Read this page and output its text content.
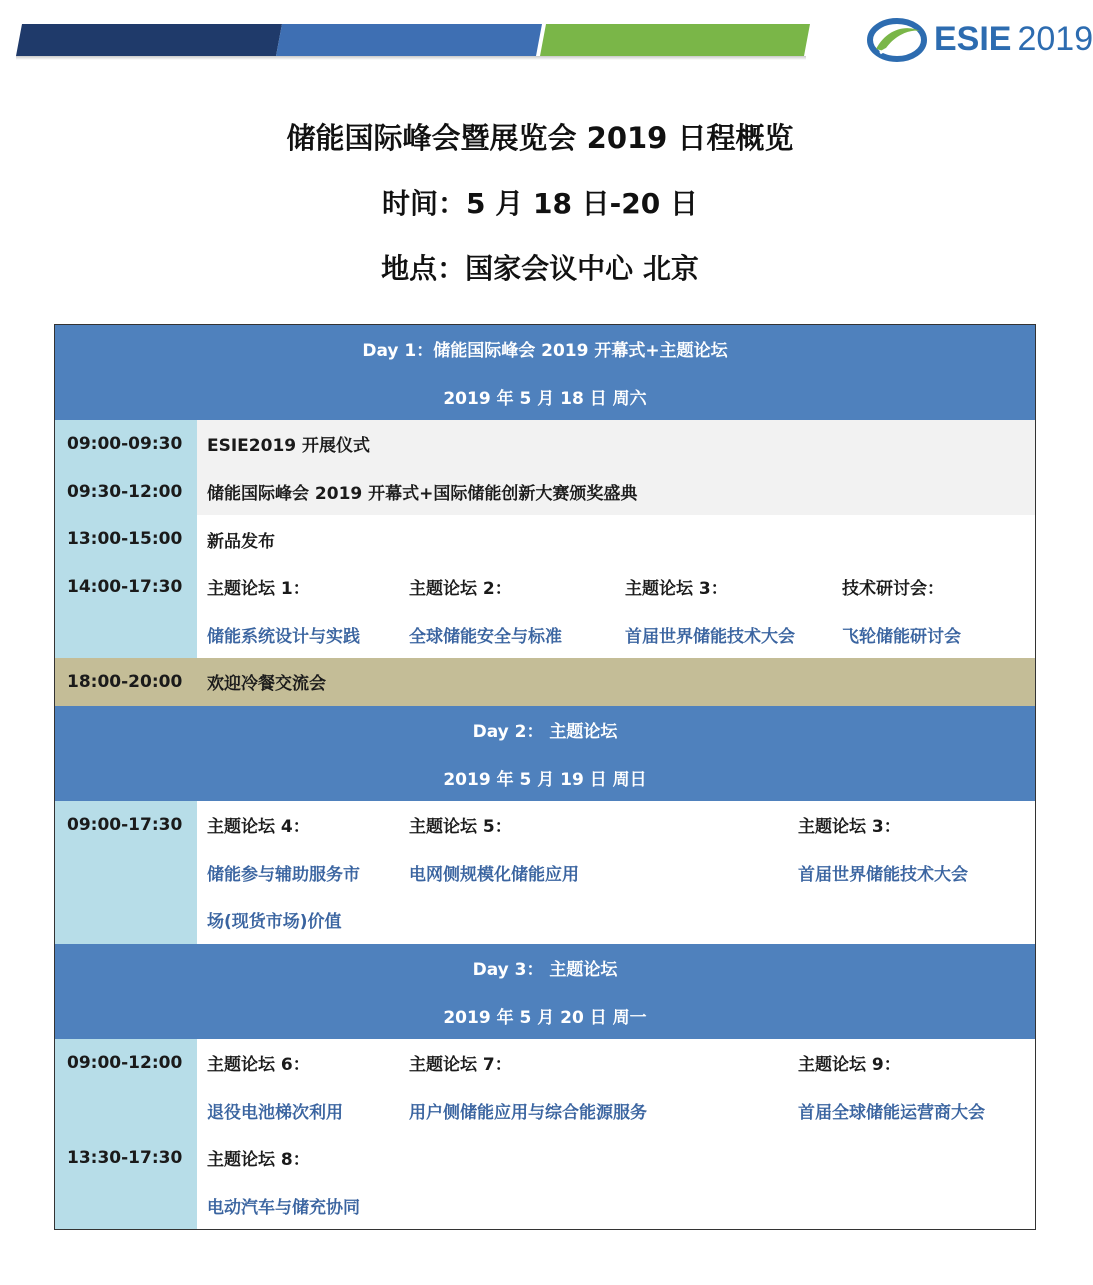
ESIE 2019
储能国际峰会暨展览会 2019 日程概览
时间：5 月 18 日-20 日
地点：国家会议中心 北京
Day 1：储能国际峰会 2019 开幕式+主题论坛
2019 年 5 月 18 日 周六
09:00-09:30	ESIE2019 开展仪式
09:30-12:00	储能国际峰会 2019 开幕式+国际储能创新大赛颁奖盛典
13:00-15:00	新品发布
14:00-17:30	主题论坛 1：	主题论坛 2：	主题论坛 3：	技术研讨会：
储能系统设计与实践	全球储能安全与标准	首届世界储能技术大会	飞轮储能研讨会
18:00-20:00	欢迎冷餐交流会
Day 2： 主题论坛
2019 年 5 月 19 日 周日
09:00-17:30	主题论坛 4：	主题论坛 5：	主题论坛 3：
储能参与辅助服务市	电网侧规模化储能应用	首届世界储能技术大会
场(现货市场)价值
Day 3： 主题论坛
2019 年 5 月 20 日 周一
09:00-12:00	主题论坛 6：	主题论坛 7：	主题论坛 9：
退役电池梯次利用	用户侧储能应用与综合能源服务	首届全球储能运营商大会
13:30-17:30	主题论坛 8：
电动汽车与储充协同
